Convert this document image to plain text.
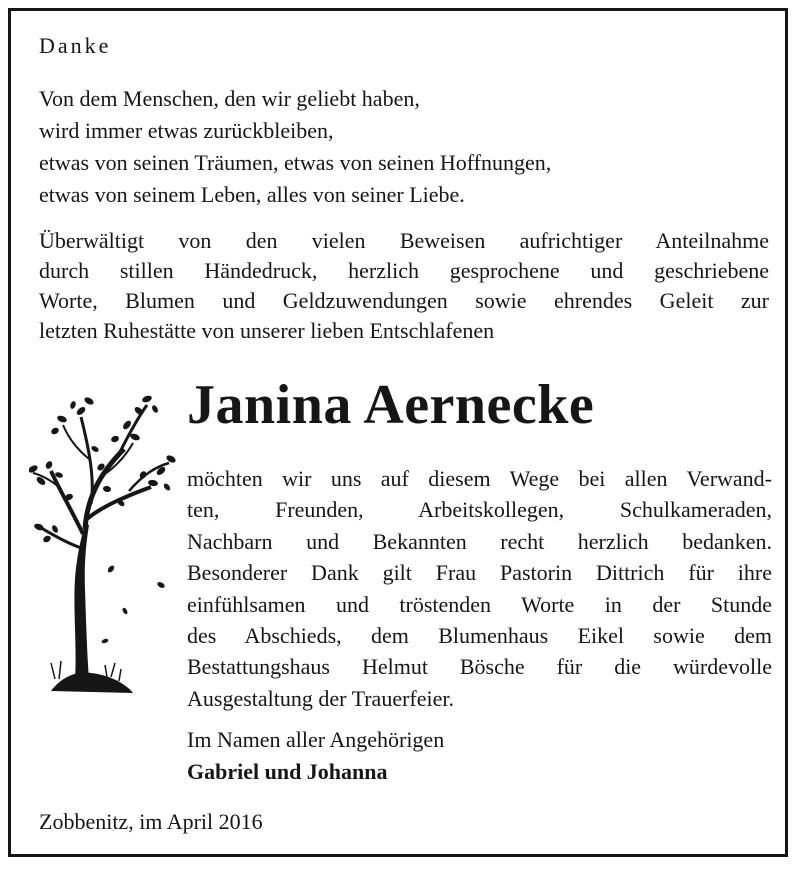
Danke
Von dem Menschen, den wir geliebt haben,
wird immer etwas zurückbleiben,
etwas von seinen Träumen, etwas von seinen Hoffnungen,
etwas von seinem Leben, alles von seiner Liebe.
Überwältigt von den vielen Beweisen aufrichtiger Anteilnahme
durch stillen Händedruck, herzlich gesprochene und geschriebene
Worte, Blumen und Geldzuwendungen sowie ehrendes Geleit zur
letzten Ruhestätte von unserer lieben Entschlafenen
Janina Aernecke
möchten wir uns auf diesem Wege bei allen Verwand-
ten, Freunden, Arbeitskollegen, Schulkameraden,
Nachbarn und Bekannten recht herzlich bedanken.
Besonderer Dank gilt Frau Pastorin Dittrich für ihre
einfühlsamen und tröstenden Worte in der Stunde
des Abschieds, dem Blumenhaus Eikel sowie dem
Bestattungshaus Helmut Bösche für die würdevolle
Ausgestaltung der Trauerfeier.
Im Namen aller Angehörigen
Gabriel und Johanna
Zobbenitz, im April 2016
